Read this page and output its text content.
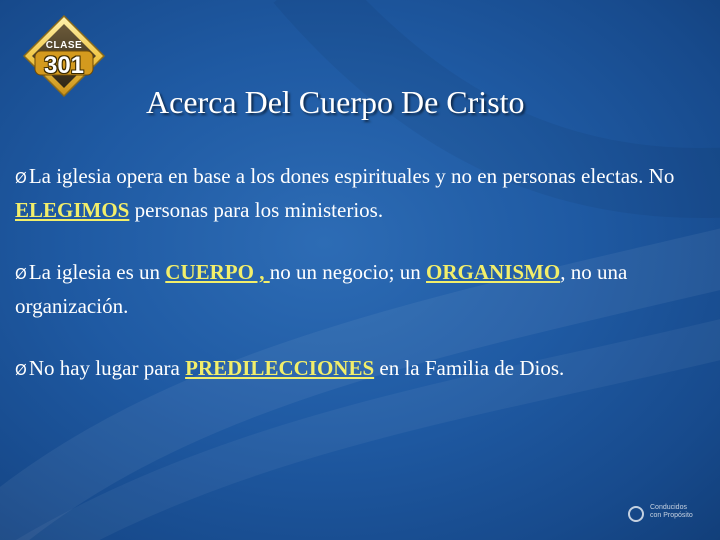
CLASE
301
Acerca Del Cuerpo De Cristo

ØLa iglesia opera en base a los dones espirituales y no en personas electas. No ELEGIMOS personas para los ministerios.

ØLa iglesia es un CUERPO , no un negocio; un ORGANISMO, no una organización.

ØNo hay lugar para PREDILECCIONES en la Familia de Dios.

Conducidos
con Propósito
